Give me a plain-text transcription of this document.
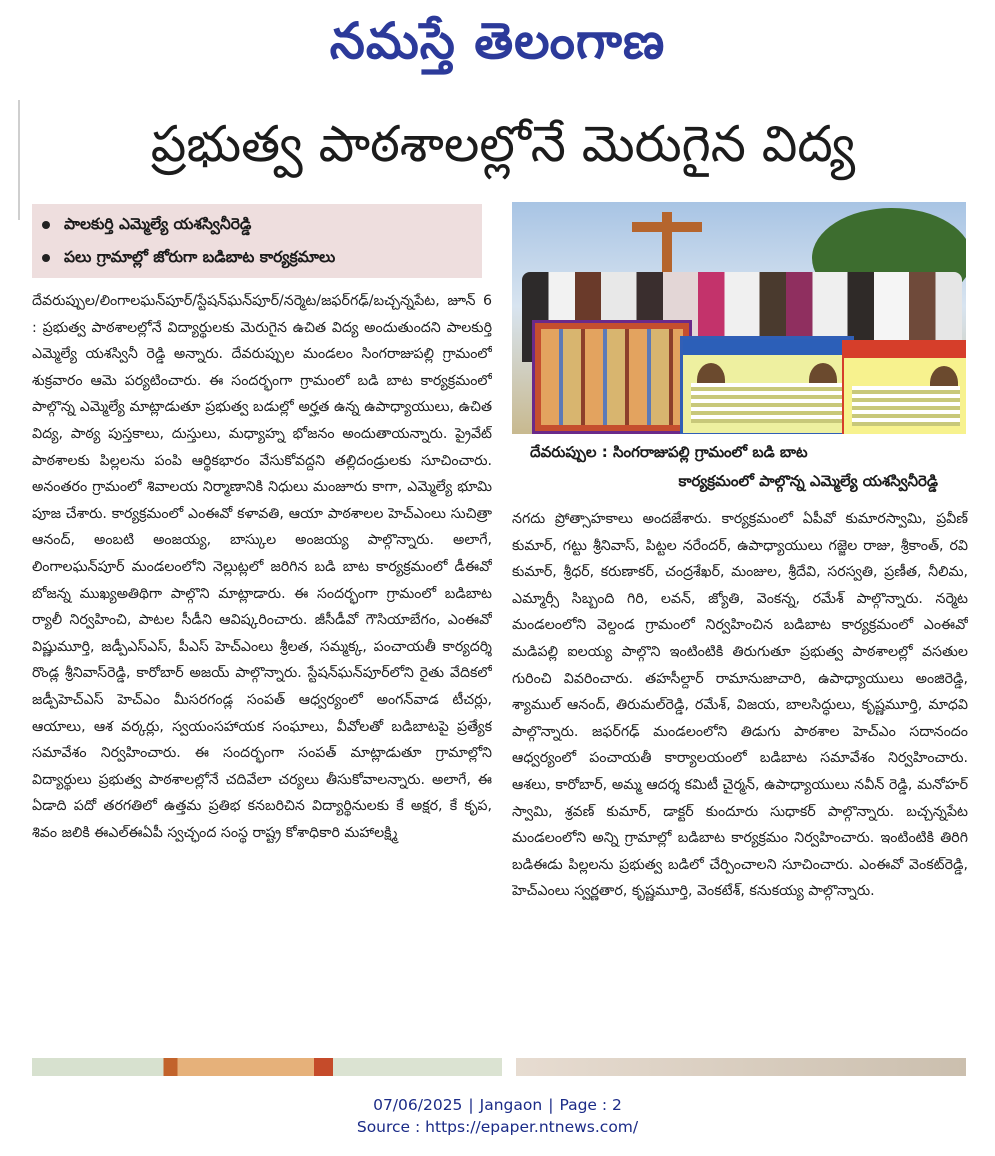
నమస్తే తెలంగాణ
ప్రభుత్వ పాఠశాలల్లోనే మెరుగైన విద్య
పాలకుర్తి ఎమ్మెల్యే యశస్వినీరెడ్డి
పలు గ్రామాల్లో జోరుగా బడిబాట కార్యక్రమాలు
దేవరుప్పుల/లింగాలఘన్‌పూర్/స్టేషన్‌ఘన్‌పూర్/నర్మెట/జఫర్‌గఢ్/బచ్చన్నపేట, జూన్ 6 : ప్రభుత్వ పాఠశాలల్లోనే విద్యార్థులకు మెరుగైన ఉచిత విద్య అందుతుందని పాలకుర్తి ఎమ్మెల్యే యశస్వినీ రెడ్డి అన్నారు. దేవరుప్పుల మండలం సింగరాజుపల్లి గ్రామంలో శుక్రవారం ఆమె పర్యటించారు. ఈ సందర్భంగా గ్రామంలో బడి బాట కార్యక్రమంలో పాల్గొన్న ఎమ్మెల్యే మాట్లాడుతూ ప్రభుత్వ బడుల్లో అర్హత ఉన్న ఉపాధ్యాయులు, ఉచిత విద్య, పాఠ్య పుస్తకాలు, దుస్తులు, మధ్యాహ్న భోజనం అందుతాయన్నారు. ప్రైవేట్ పాఠశాలకు పిల్లలను పంపి ఆర్థికభారం వేసుకోవద్దని తల్లిదండ్రులకు సూచించారు. అనంతరం గ్రామంలో శివాలయ నిర్మాణానికి నిధులు మంజూరు కాగా, ఎమ్మెల్యే భూమి పూజ చేశారు. కార్యక్రమంలో ఎంఈవో కళావతి, ఆయా పాఠశాలల హెచ్‌ఎంలు సుచిత్రా ఆనంద్, అంబటి అంజయ్య, బాస్కుల అంజయ్య పాల్గొన్నారు. అలాగే, లింగాలఘన్‌పూర్ మండలంలోని నెల్లుట్లలో జరిగిన బడి బాట కార్యక్రమంలో డీఈవో బోజన్న ముఖ్యఅతిథిగా పాల్గొని మాట్లాడారు. ఈ సందర్భంగా గ్రామంలో బడిబాట ర్యాలీ నిర్వహించి, పాటల సీడీని ఆవిష్కరించారు. జీసీడీవో గౌసియాబేగం, ఎంఈవో విష్ణుమూర్తి, జడ్పీఎస్‌ఎస్, పీఎస్ హెచ్‌ఎంలు శ్రీలత, సమ్మక్క, పంచాయతీ కార్యదర్శి రొండ్ల శ్రీనివాస్‌రెడ్డి, కారోబార్ అజయ్ పాల్గొన్నారు. స్టేషన్‌ఘన్‌పూర్‌లోని రైతు వేదికలో జడ్పీహెచ్ఎస్ హెచ్‌ఎం మీసరగండ్ల సంపత్ ఆధ్వర్యంలో అంగన్‌వాడ టీచర్లు, ఆయాలు, ఆశ వర్కర్లు, స్వయంసహాయక సంఘాలు, వీవోలతో బడిబాటపై ప్రత్యేక సమావేశం నిర్వహించారు. ఈ సందర్భంగా సంపత్ మాట్లాడుతూ గ్రామాల్లోని విద్యార్థులు ప్రభుత్వ పాఠశాలల్లోనే చదివేలా చర్యలు తీసుకోవాలన్నారు. అలాగే, ఈ ఏడాది పదో తరగతిలో ఉత్తమ ప్రతిభ కనబరిచిన విద్యార్థినులకు కే అక్షర, కే కృప, శివం జలికి ఈఎల్ఈఏపీ స్వచ్ఛంద సంస్థ రాష్ట్ర కోశాధికారి మహాలక్ష్మి
దేవరుప్పుల : సింగరాజుపల్లి గ్రామంలో బడి బాట
కార్యక్రమంలో పాల్గొన్న ఎమ్మెల్యే యశస్వినీరెడ్డి
నగదు ప్రోత్సాహకాలు అందజేశారు. కార్యక్రమంలో ఏపీవో కుమారస్వామి, ప్రవీణ్ కుమార్, గట్టు శ్రీనివాస్, పిట్టల నరేందర్, ఉపాధ్యాయులు గజ్జెల రాజు, శ్రీకాంత్, రవి కుమార్, శ్రీధర్, కరుణాకర్, చంద్రశేఖర్, మంజుల, శ్రీదేవి, సరస్వతి, ప్రణీత, నీలిమ, ఎమ్మార్సీ సిబ్బంది గిరి, లవన్, జ్యోతి, వెంకన్న, రమేశ్ పాల్గొన్నారు. నర్మెట మండలంలోని వెల్దండ గ్రామంలో నిర్వహించిన బడిబాట కార్యక్రమంలో ఎంఈవో మడిపల్లి ఐలయ్య పాల్గొని ఇంటింటికి తిరుగుతూ ప్రభుత్వ పాఠశాలల్లో వసతుల గురించి వివరించారు. తహసీల్దార్ రామానుజాచారి, ఉపాధ్యాయులు అంజిరెడ్డి, శ్యాముల్ ఆనంద్, తిరుమల్‌రెడ్డి, రమేశ్, విజయ, బాలసిద్ధులు, కృష్ణమూర్తి, మాధవి పాల్గొన్నారు. జఫర్‌గఢ్ మండలంలోని తిడుగు పాఠశాల హెచ్‌ఎం సదానందం ఆధ్వర్యంలో పంచాయతీ కార్యాలయంలో బడిబాట సమావేశం నిర్వహించారు. ఆశలు, కారోబార్, అమ్మ ఆదర్శ కమిటీ చైర్మన్, ఉపాధ్యాయులు నవీన్ రెడ్డి, మనోహర్ స్వామి, శ్రవణ్ కుమార్, డాక్టర్ కుందూరు సుధాకర్ పాల్గొన్నారు. బచ్చన్నపేట మండలంలోని అన్ని గ్రామాల్లో బడిబాట కార్యక్రమం నిర్వహించారు. ఇంటింటికి తిరిగి బడిఈడు పిల్లలను ప్రభుత్వ బడిలో చేర్పించాలని సూచించారు. ఎంఈవో వెంకట్‌రెడ్డి, హెచ్‌ఎంలు స్వర్ణతార, కృష్ణమూర్తి, వెంకటేశ్, కనుకయ్య పాల్గొన్నారు.
07/06/2025 | Jangaon | Page : 2
Source : https://epaper.ntnews.com/
